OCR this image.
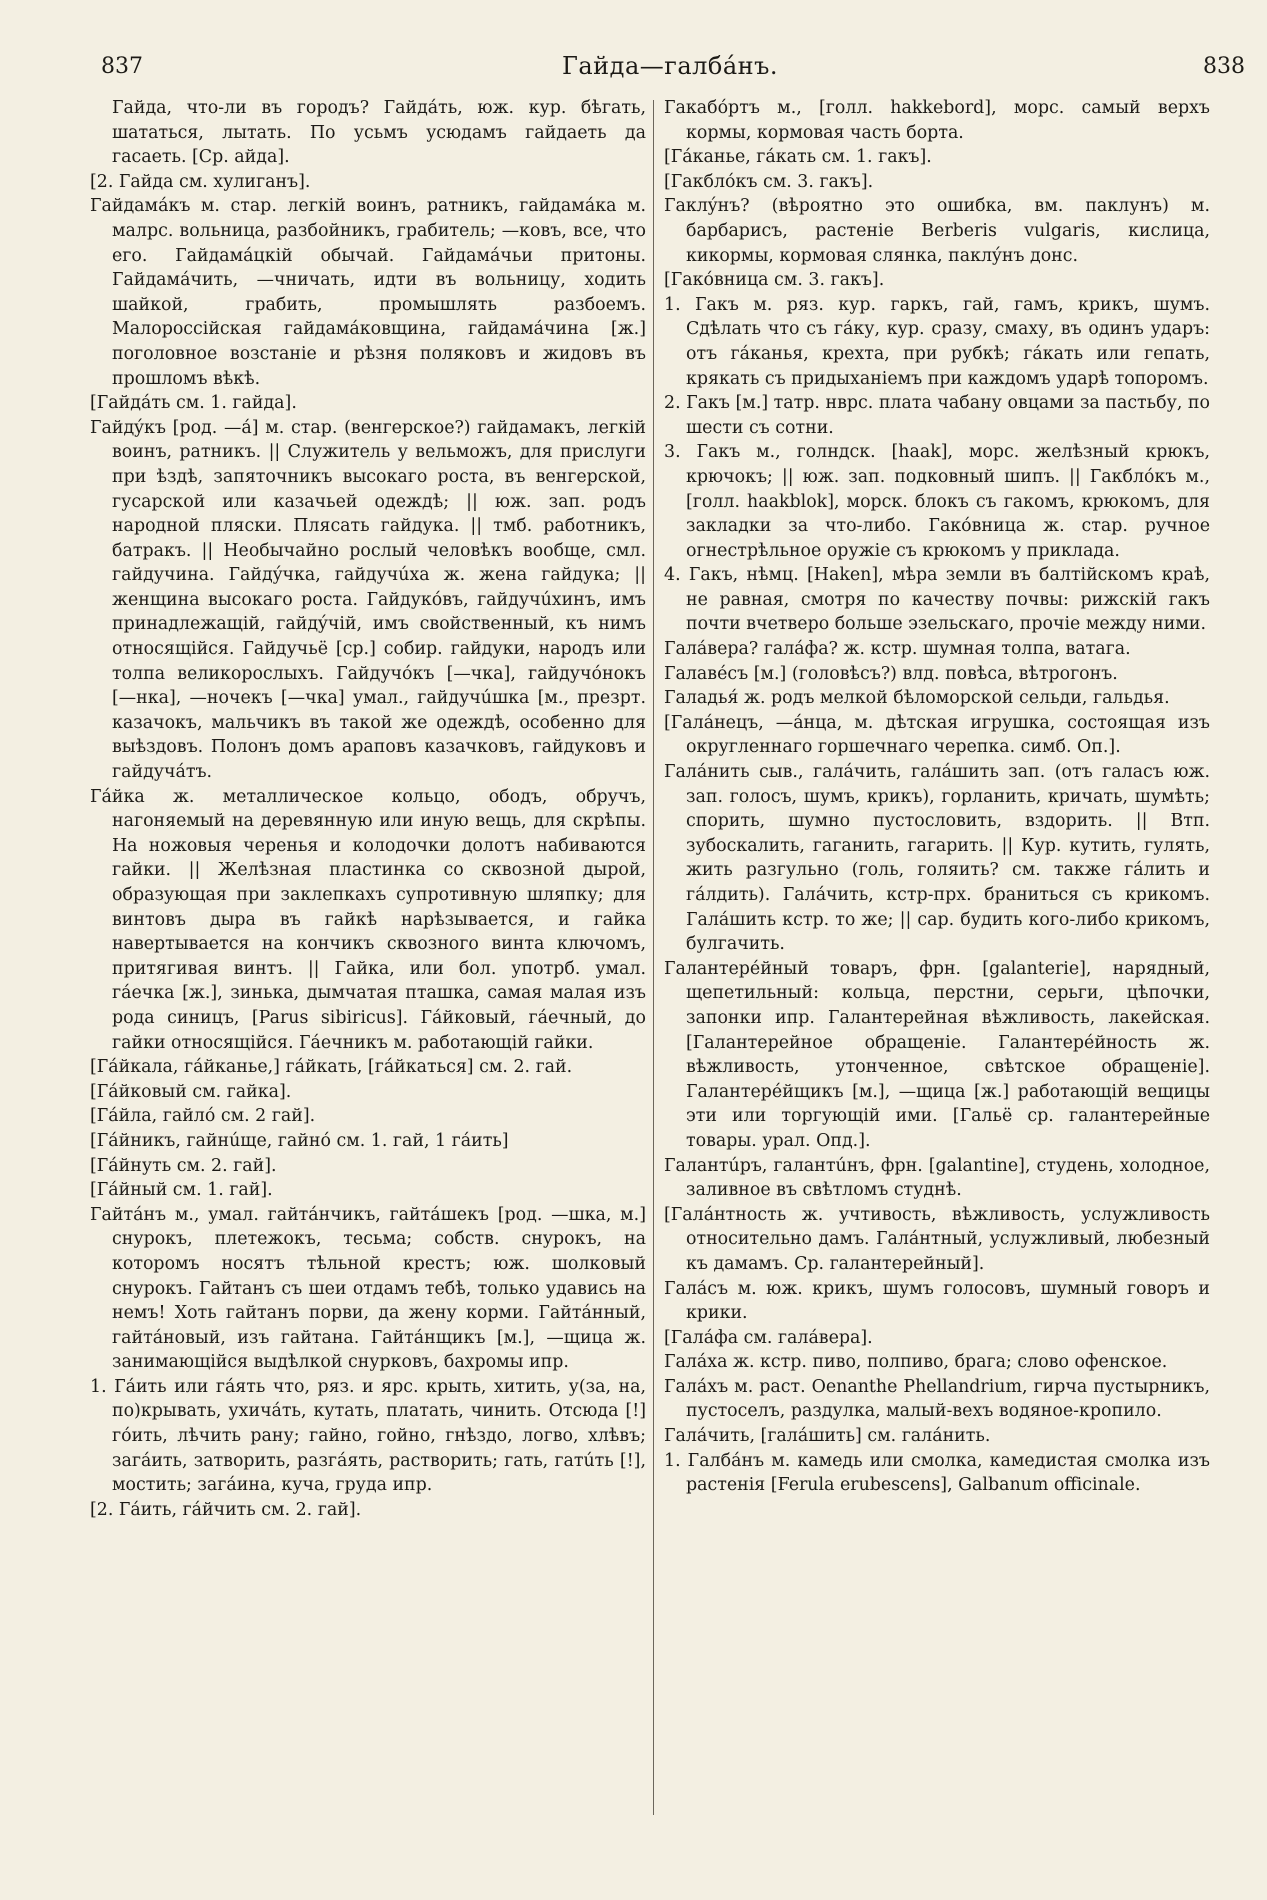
837	Гайда—галбáнъ.	838

Гайда, что-ли въ городъ? Гайдáть, юж. кур. бѣгать, шататься, лытать. По усьмъ усюдамъ гайдаеть да гасаеть. [Ср. айда].

[2. Гайда см. хулиганъ].

Гайдамáкъ м. стар. легкій воинъ, ратникъ, гайдамáка м. малрс. вольница, разбойникъ, грабитель; —ковъ, все, что его. Гайдамáцкій обычай. Гайдамáчьи притоны. Гайдамáчить, —чничать, идти въ вольницу, ходить шайкой, грабить, промышлять разбоемъ. Малороссійская гайдамáковщина, гайдамáчина [ж.] поголовное возстаніе и рѣзня поляковъ и жидовъ въ прошломъ вѣкѣ.

[Гайдáть см. 1. гайда].

Гайдýкъ [род. —á] м. стар. (венгерское?) гайдамакъ, легкій воинъ, ратникъ. || Служитель у вельможъ, для прислуги при ѣздѣ, запяточникъ высокаго роста, въ венгерской, гусарской или казачьей одеждѣ; || юж. зап. родъ народной пляски. Плясать гайдука. || тмб. работникъ, батракъ. || Необычайно рослый человѣкъ вообще, смл. гайдучина. Гайдýчка, гайдучúха ж. жена гайдука; || женщина высокаго роста. Гайдукóвъ, гайдучúхинъ, имъ принадлежащій, гайдýчій, имъ свойственный, къ нимъ относящійся. Гайдучьё [ср.] собир. гайдуки, народъ или толпа великорослыхъ. Гайдучóкъ [—чка], гайдучóнокъ [—нка], —ночекъ [—чка] умал., гайдучúшка [м., презрт. казачокъ, мальчикъ въ такой же одеждѣ, особенно для выѣздовъ. Полонъ домъ араповъ казачковъ, гайдуковъ и гайдучáтъ.

Гáйка ж. металлическое кольцо, ободъ, обручъ, нагоняемый на деревянную или иную вещь, для скрѣпы. На ножовыя черенья и колодочки долотъ набиваются гайки. || Желѣзная пластинка со сквозной дырой, образующая при заклепкахъ супротивную шляпку; для винтовъ дыра въ гайкѣ нарѣзывается, и гайка навертывается на кончикъ сквозного винта ключомъ, притягивая винтъ. || Гайка, или бол. употрб. умал. гáечка [ж.], зинька, дымчатая пташка, самая малая изъ рода синицъ, [Parus sibiricus]. Гáйковый, гáечный, до гайки относящійся. Гáечникъ м. работающій гайки.

[Гáйкала, гáйканье,] гáйкать, [гáйкаться] см. 2. гай.

[Гáйковый см. гайка].

[Гáйла, гайлó см. 2 гай].

[Гáйникъ, гайнúще, гайнó см. 1. гай, 1 гáить]

[Гáйнуть см. 2. гай].

[Гáйный см. 1. гай].

Гайтáнъ м., умал. гайтáнчикъ, гайтáшекъ [род. —шка, м.] снурокъ, плетежокъ, тесьма; собств. снурокъ, на которомъ носятъ тѣльной крестъ; юж. шолковый снурокъ. Гайтанъ съ шеи отдамъ тебѣ, только удавись на немъ! Хоть гайтанъ порви, да жену корми. Гайтáнный, гайтáновый, изъ гайтана. Гайтáнщикъ [м.], —щица ж. занимающійся выдѣлкой снурковъ, бахромы ипр.

1. Гáить или гáять что, ряз. и ярс. крыть, хитить, у(за, на, по)крывать, ухичáть, кутать, платать, чинить. Отсюда [!] гóить, лѣчить рану; гайно, гойно, гнѣздо, логво, хлѣвъ; загáить, затворить, разгáять, растворить; гать, гатúть [!], мостить; загáина, куча, груда ипр.

[2. Гáить, гáйчить см. 2. гай].

Гакабóртъ м., [голл. hakkebord], морс. самый верхъ кормы, кормовая часть борта.

[Гáканье, гáкать см. 1. гакъ].

[Гакблóкъ см. 3. гакъ].

Гаклýнъ? (вѣроятно это ошибка, вм. паклунъ) м. барбарисъ, растеніе Berberis vulgaris, кислица, кикормы, кормовая слянка, паклýнъ донс.

[Гакóвница см. 3. гакъ].

1. Гакъ м. ряз. кур. гаркъ, гай, гамъ, крикъ, шумъ. Сдѣлать что съ гáку, кур. сразу, смаху, въ одинъ ударъ: отъ гáканья, крехта, при рубкѣ; гáкать или гепать, крякать съ придыханіемъ при каждомъ ударѣ топоромъ.

2. Гакъ [м.] татр. нврс. плата чабану овцами за пастьбу, по шести съ сотни.

3. Гакъ м., голндск. [haak], морс. желѣзный крюкъ, крючокъ; || юж. зап. подковный шипъ. || Гакблóкъ м., [голл. haakblok], морск. блокъ съ гакомъ, крюкомъ, для закладки за что-либо. Гакóвница ж. стар. ручное огнестрѣльное оружіе съ крюкомъ у приклада.

4. Гакъ, нѣмц. [Haken], мѣра земли въ балтійскомъ краѣ, не равная, смотря по качеству почвы: рижскій гакъ почти вчетверо больше эзельскаго, прочіе между ними.

Галáвера? галáфа? ж. кстр. шумная толпа, ватага.

Галавéсъ [м.] (головѣсъ?) влд. повѣса, вѣтрогонъ.

Галадья́ ж. родъ мелкой бѣломорской сельди, гальдья.

[Галáнецъ, —áнца, м. дѣтская игрушка, состоящая изъ округленнаго горшечнаго черепка. симб. Оп.].

Галáнить сыв., галáчить, галáшить зап. (отъ галасъ юж. зап. голосъ, шумъ, крикъ), горланить, кричать, шумѣть; спорить, шумно пустословить, вздорить. || Втп. зубоскалить, гаганить, гагарить. || Кур. кутить, гулять, жить разгульно (голь, голяить? см. также гáлить и гáлдить). Галáчить, кстр-прх. браниться съ крикомъ. Галáшить кстр. то же; || сар. будить кого-либо крикомъ, булгачить.

Галантерéйный товаръ, фрн. [galanterie], нарядный, щепетильный: кольца, перстни, серьги, цѣпочки, запонки ипр. Галантерейная вѣжливость, лакейская. [Галантерейное обращеніе. Галантерéйность ж. вѣжливость, утонченное, свѣтское обращеніе]. Галантерéйщикъ [м.], —щица [ж.] работающій вещицы эти или торгующій ими. [Гальё ср. галантерейные товары. урал. Опд.].

Галантúръ, галантúнъ, фрн. [galantine], студень, холодное, заливное въ свѣтломъ студнѣ.

[Галáнтность ж. учтивость, вѣжливость, услужливость относительно дамъ. Галáнтный, услужливый, любезный къ дамамъ. Ср. галантерейный].

Галáсъ м. юж. крикъ, шумъ голосовъ, шумный говоръ и крики.

[Галáфа см. галáвера].

Галáха ж. кстр. пиво, полпиво, брага; слово офенское.

Галáхъ м. раст. Oenanthe Phellandrium, гирча пустырникъ, пустоселъ, раздулка, малый-вехъ водяное-кропило.

Галáчить, [галáшить] см. галáнить.

1. Галбáнъ м. камедь или смолка, камедистая смолка изъ растенія [Ferula erubescens], Galbanum officinale.
